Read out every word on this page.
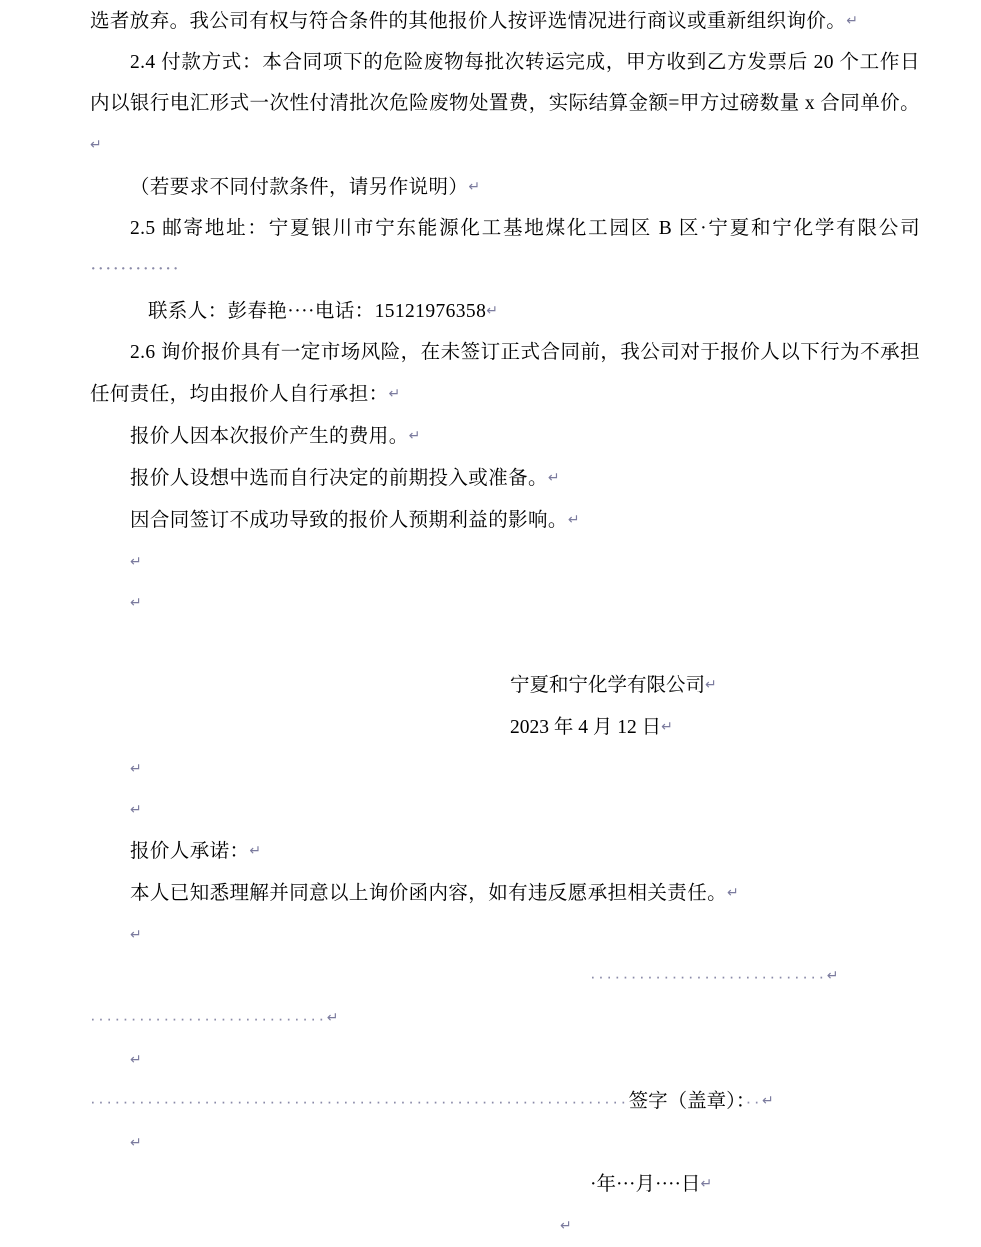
选者放弃。我公司有权与符合条件的其他报价人按评选情况进行商议或重新组织询价。↵

2.4 付款方式：本合同项下的危险废物每批次转运完成，甲方收到乙方发票后 20 个工作日内以银行电汇形式一次性付清批次危险废物处置费，实际结算金额=甲方过磅数量 x 合同单价。↵

（若要求不同付款条件，请另作说明）↵

2.5 邮寄地址：宁夏银川市宁东能源化工基地煤化工园区 B 区·宁夏和宁化学有限公司············

联系人：彭春艳····电话：15121976358↵

2.6 询价报价具有一定市场风险，在未签订正式合同前，我公司对于报价人以下行为不承担任何责任，均由报价人自行承担：↵

报价人因本次报价产生的费用。↵

报价人设想中选而自行决定的前期投入或准备。↵

因合同签订不成功导致的报价人预期利益的影响。↵

↵

↵

宁夏和宁化学有限公司↵

2023 年 4 月 12 日↵

↵

↵

报价人承诺：↵

本人已知悉理解并同意以上询价函内容，如有违反愿承担相关责任。↵

↵

·····························↵

·····························↵

↵

··································································签字（盖章）：··↵

↵

·年···月····日↵

↵
